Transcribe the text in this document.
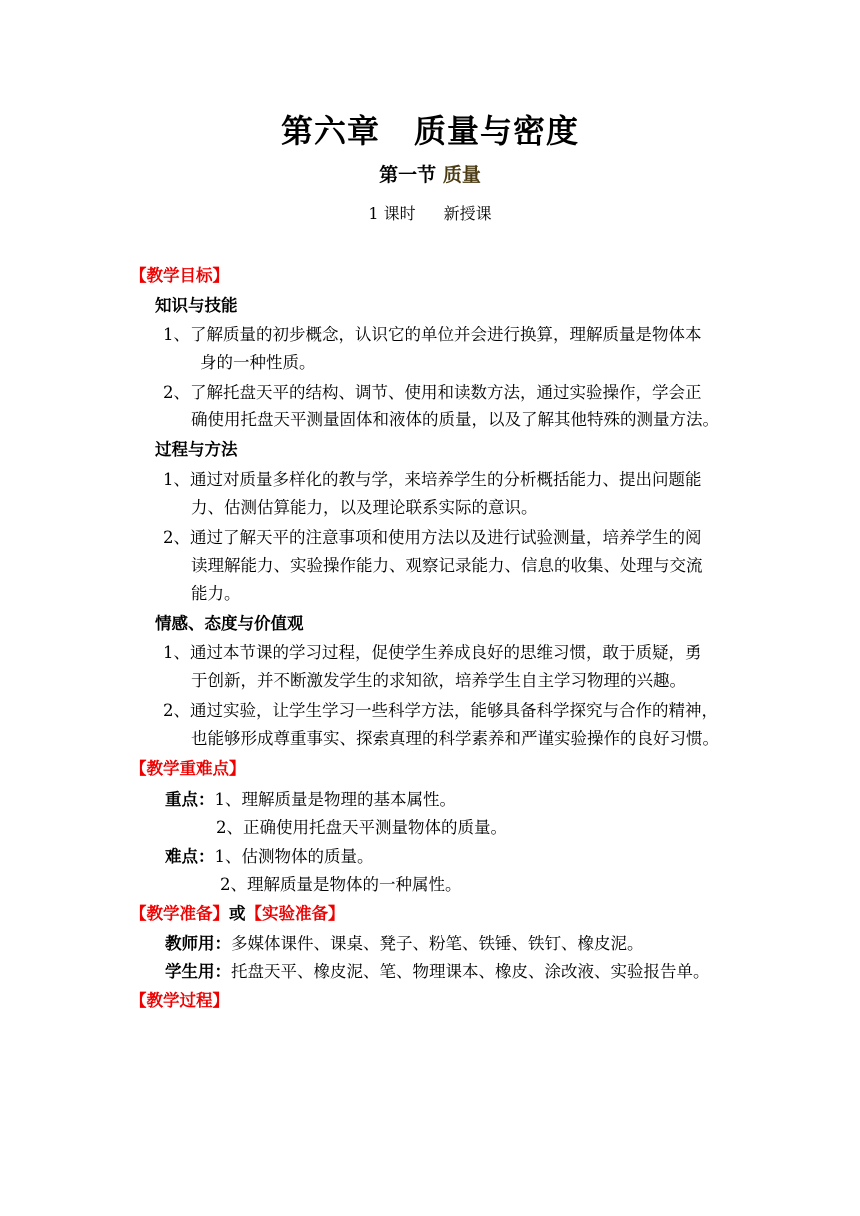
第六章 质量与密度
第一节 质量
1 课时 新授课
【教学目标】
知识与技能
1、了解质量的初步概念，认识它的单位并会进行换算，理解质量是物体本
身的一种性质。
2、了解托盘天平的结构、调节、使用和读数方法，通过实验操作，学会正
确使用托盘天平测量固体和液体的质量，以及了解其他特殊的测量方法。
过程与方法
1、通过对质量多样化的教与学，来培养学生的分析概括能力、提出问题能
力、估测估算能力，以及理论联系实际的意识。
2、通过了解天平的注意事项和使用方法以及进行试验测量，培养学生的阅
读理解能力、实验操作能力、观察记录能力、信息的收集、处理与交流
能力。
情感、态度与价值观
1、通过本节课的学习过程，促使学生养成良好的思维习惯，敢于质疑，勇
于创新，并不断激发学生的求知欲，培养学生自主学习物理的兴趣。
2、通过实验，让学生学习一些科学方法，能够具备科学探究与合作的精神，
也能够形成尊重事实、探索真理的科学素养和严谨实验操作的良好习惯。
【教学重难点】
重点：1、理解质量是物理的基本属性。
2、正确使用托盘天平测量物体的质量。
难点：1、估测物体的质量。
2、理解质量是物体的一种属性。
【教学准备】或【实验准备】
教师用：多媒体课件、课桌、凳子、粉笔、铁锤、铁钉、橡皮泥。
学生用：托盘天平、橡皮泥、笔、物理课本、橡皮、涂改液、实验报告单。
【教学过程】
